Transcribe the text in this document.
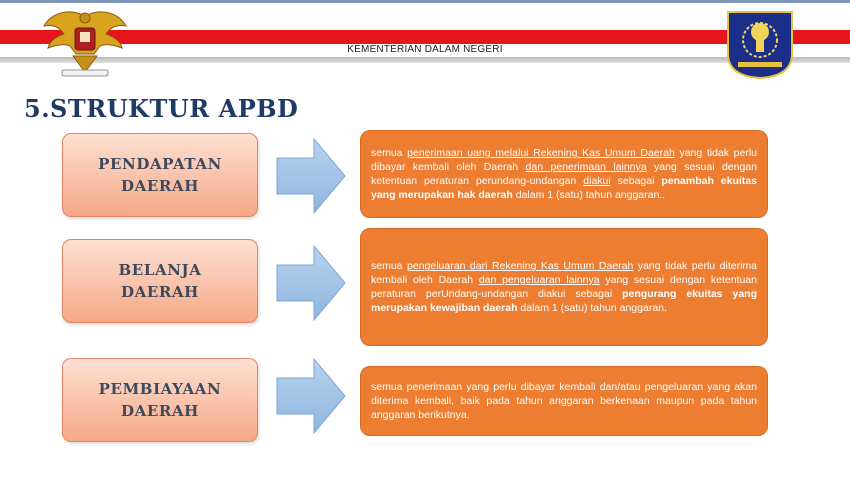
KEMENTERIAN DALAM NEGERI
5.STRUKTUR APBD
PENDAPATAN
DAERAH

semua penerimaan uang melalui Rekening Kas Umum Daerah yang tidak perlu dibayar kembali oleh Daerah dan penerimaan lainnya yang sesuai dengan ketentuan peraturan perundang-undangan diakui sebagai penambah ekuitas yang merupakan hak daerah dalam 1 (satu) tahun anggaran..

BELANJA
DAERAH

semua pengeluaran dari Rekening Kas Umum Daerah yang tidak perlu diterima kembali oleh Daerah dan pengeluaran lainnya yang sesuai dengan ketentuan peraturan perUndang-undangan diakui sebagai pengurang ekuitas yang merupakan kewajiban daerah dalam 1 (satu) tahun anggaran.

PEMBIAYAAN
DAERAH

semua penerimaan yang perlu dibayar kembali dan/atau pengeluaran yang akan diterima kembali, baik pada tahun anggaran berkenaan maupun pada tahun anggaran berikutnya.
